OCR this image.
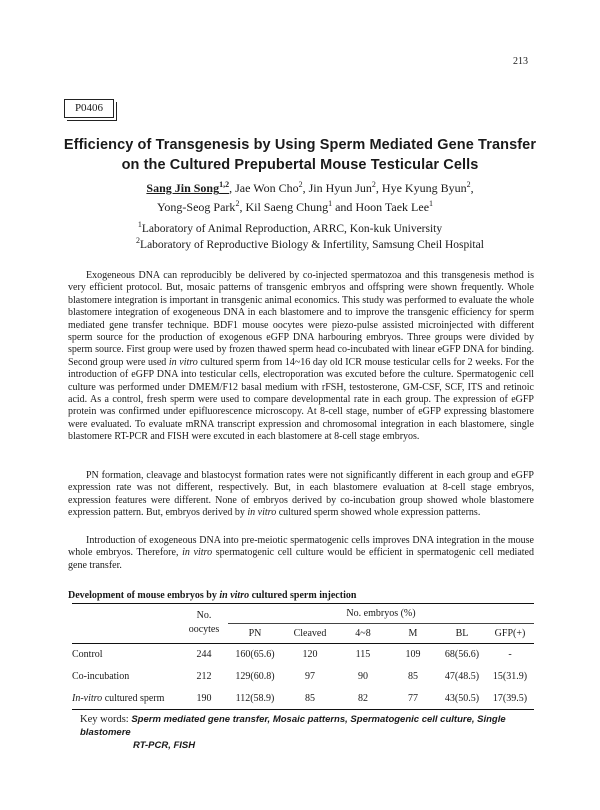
213
P0406
Efficiency of Transgenesis by Using Sperm Mediated Gene Transfer
on the Cultured Prepubertal Mouse Testicular Cells
Sang Jin Song$^{1,2}$, Jae Won Cho$^2$, Jin Hyun Jun$^2$, Hye Kyung Byun$^2$,
Yong-Seog Park$^2$, Kil Saeng Chung$^1$ and Hoon Taek Lee$^1$
$^1$Laboratory of Animal Reproduction, ARRC, Kon-kuk University
$^2$Laboratory of Reproductive Biology & Infertility, Samsung Cheil Hospital
Exogeneous DNA can reproducibly be delivered by co-injected spermatozoa and this transgenesis method is very efficient protocol. But, mosaic patterns of transgenic embryos and offspring were shown frequently. Whole blastomere integration is important in transgenic animal economics. This study was performed to evaluate the whole blastomere integration of exogeneous DNA in each blastomere and to improve the transgenic efficiency for sperm mediated gene transfer technique. BDF1 mouse oocytes were piezo-pulse assisted microinjected with different sperm source for the production of exogenous eGFP DNA harbouring embryos. Three groups were divided by sperm source. First group were used by frozen thawed sperm head co-incubated with linear eGFP DNA for binding. Second group were used in vitro cultured sperm from 14~16 day old ICR mouse testicular cells for 2 weeks. For the introduction of eGFP DNA into testicular cells, electroporation was excuted before the culture. Spermatogenic cell culture was performed under DMEM/F12 basal medium with rFSH, testosterone, GM-CSF, SCF, ITS and retinoic acid. As a control, fresh sperm were used to compare developmental rate in each group. The expression of eGFP protein was confirmed under epifluorescence microscopy. At 8-cell stage, number of eGFP expressing blastomere were evaluated. To evaluate mRNA transcript expression and chromosomal integration in each blastomere, single blastomere RT-PCR and FISH were excuted in each blastomere at 8-cell stage embryos.
PN formation, cleavage and blastocyst formation rates were not significantly different in each group and eGFP expression rate was not different, respectively. But, in each blastomere evaluation at 8-cell stage embryos, expression features were different. None of embryos derived by co-incubation group showed whole blastomere expression pattern. But, embryos derived by in vitro cultured sperm showed whole expression patterns.
Introduction of exogeneous DNA into pre-meiotic spermatogenic cells improves DNA integration in the mouse whole embryos. Therefore, in vitro spermatogenic cell culture would be efficient in spermatogenic cell mediated gene transfer.
Development of mouse embryos by in vitro cultured sperm injection
	No.	No. embryos (%)					
	oocytes	PN	Cleaved	4~8	M	BL	GFP(+)
Control	244	160(65.6)	120	115	109	68(56.6)	-
Co-incubation	212	129(60.8)	97	90	85	47(48.5)	15(31.9)
In-vitro cultured sperm	190	112(58.9)	85	82	77	43(50.5)	17(39.5)
Key words: Sperm mediated gene transfer, Mosaic patterns, Spermatogenic cell culture, Single blastomere
RT-PCR, FISH
